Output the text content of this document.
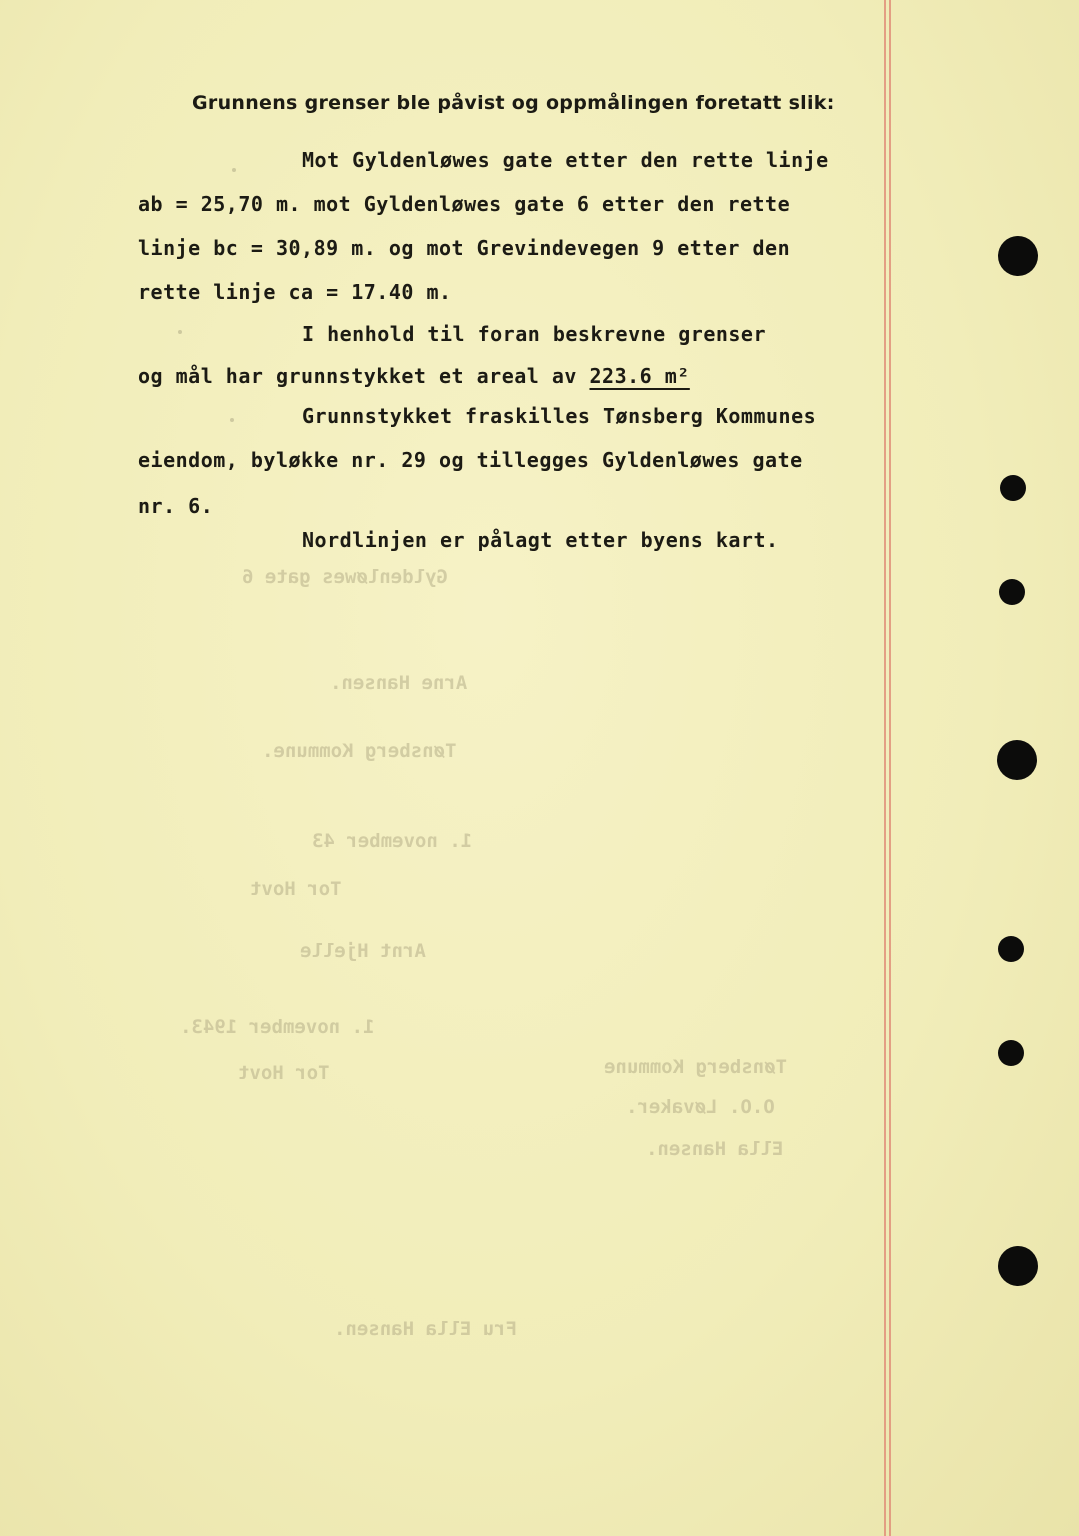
Gyldenløwes gate 6
Arne Hansen.
Tønsberg Kommune.
1. november 43
Tor Hovt
Arnt Hjelle
1. november 1943.
Tor Hovt	Tønsberg Kommune
O.O. Løvaker.
Ella Hansen.
Fru Ella Hansen.
Grunnens grenser ble påvist og oppmålingen foretatt slik:
Mot Gyldenløwes gate etter den rette linje
ab = 25,70 m. mot Gyldenløwes gate 6 etter den rette
linje bc = 30,89 m. og mot Grevindevegen 9 etter den
rette linje ca = 17.40 m.
I henhold til foran beskrevne grenser
og mål har grunnstykket et areal av 223.6 m²
Grunnstykket fraskilles Tønsberg Kommunes
eiendom, byløkke nr. 29 og tillegges Gyldenløwes gate
nr. 6.
Nordlinjen er pålagt etter byens kart.
